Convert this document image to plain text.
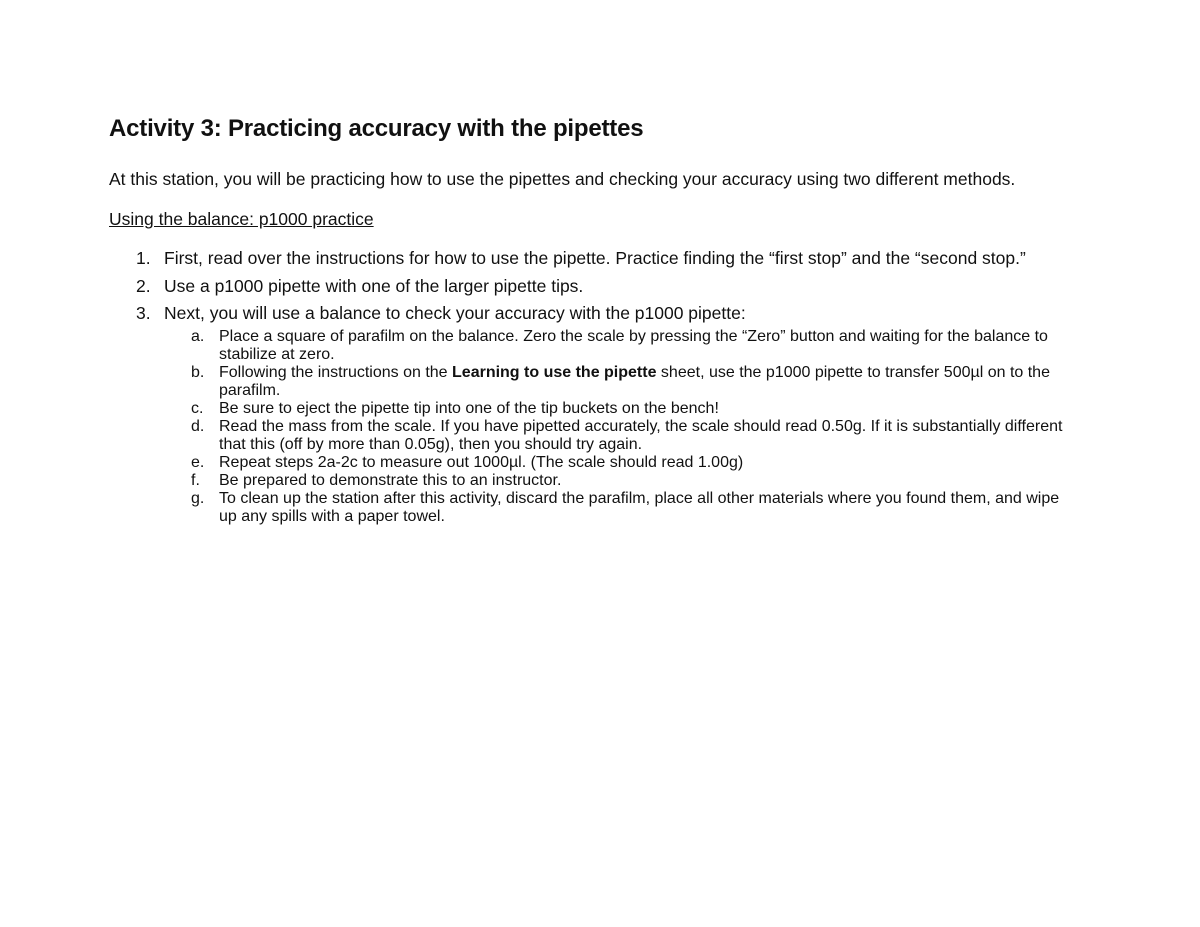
Activity 3: Practicing accuracy with the pipettes
At this station, you will be practicing how to use the pipettes and checking your accuracy using two different methods.
Using the balance: p1000 practice
1. First, read over the instructions for how to use the pipette. Practice finding the “first stop” and the “second stop.”
2. Use a p1000 pipette with one of the larger pipette tips.
3. Next, you will use a balance to check your accuracy with the p1000 pipette:
a. Place a square of parafilm on the balance. Zero the scale by pressing the “Zero” button and waiting for the balance to stabilize at zero.
b. Following the instructions on the Learning to use the pipette sheet, use the p1000 pipette to transfer 500µl on to the parafilm.
c. Be sure to eject the pipette tip into one of the tip buckets on the bench!
d. Read the mass from the scale. If you have pipetted accurately, the scale should read 0.50g. If it is substantially different that this (off by more than 0.05g), then you should try again.
e. Repeat steps 2a-2c to measure out 1000µl. (The scale should read 1.00g)
f. Be prepared to demonstrate this to an instructor.
g. To clean up the station after this activity, discard the parafilm, place all other materials where you found them, and wipe up any spills with a paper towel.
